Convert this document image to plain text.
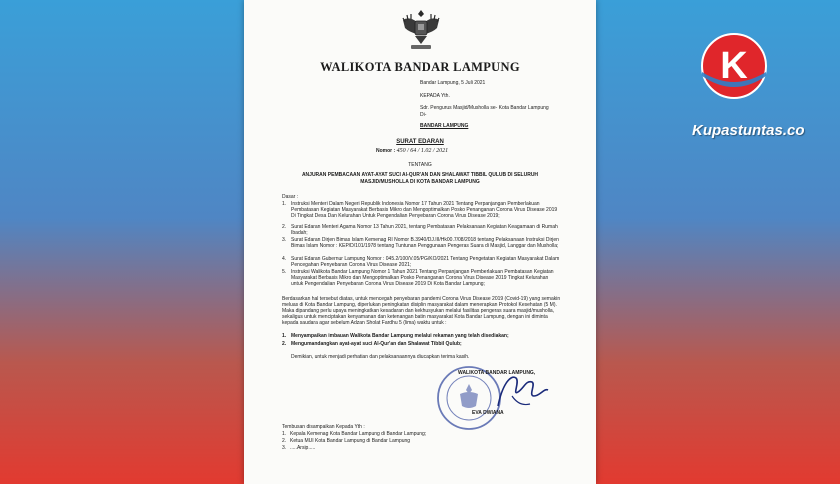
WALIKOTA BANDAR LAMPUNG
Bandar Lampung, 5 Juli 2021
KEPADA Yth.
Sdr. Pengurus Masjid/Musholla se- Kota Bandar Lampung
Di-
BANDAR LAMPUNG
SURAT EDARAN
Nomor : 450 / 64 / 1.02 / 2021
TENTANG
ANJURAN PEMBACAAN AYAT-AYAT SUCI Al-QUR'AN DAN SHALAWAT TIBBIL QULUB DI SELURUH
MASJID/MUSHOLLA DI KOTA BANDAR LAMPUNG
Dasar :
1. Instruksi Menteri Dalam Negeri Republik Indonesia Nomor 17 Tahun 2021 Tentang Perpanjangan Pemberlakuan Pembatasan Kegiatan Masyarakat Berbasis Mikro dan Mengoptimalkan Posko Penanganan Corona Virus Disease 2019 Di Tingkat Desa Dan Kelurahan Untuk Pengendalian Penyebaran Corona Virus Disease 2019;
2. Surat Edaran Menteri Agama Nomor 13 Tahun 2021, tentang Pembatasan Pelaksanaan Kegiatan Keagamaan di Rumah Ibadah;
3. Surat Edaran Dirjen Bimas Islam Kemenag RI Nomor B.3940/DJ.III/Hk00.7/08/2018 tentang Pelaksanaan Instruksi Dirjen Bimas Islam Nomor : KEP/D/101/1978 tentang Tuntunan Penggunaan Pengeras Suara di Masjid, Langgar dan Musholla;
4. Surat Edaran Gubernur Lampung Nomor : 045.2/100/V.05/PG/KO/2021 Tentang Pengetatan Kegiatan Masyarakat Dalam Pencegahan Penyebaran Corona Virus Disease 2021;
5. Instruksi Walikota Bandar Lampung Nomor 1 Tahun 2021 Tentang Perpanjangan Pemberlakuan Pembatasan Kegiatan Masyarakat Berbasis Mikro dan Mengoptimalkan Posko Penanganan Corona Virus Disease 2019 Tingkat Kelurahan untuk Pengendalian Penyebaran Corona Virus Disease 2019 Di Kota Bandar Lampung;
Berdasarkan hal tersebut diatas, untuk mencegah penyebaran pandemi Corona Virus Disease 2019 (Covid-19) yang semakin meluas di Kota Bandar Lampung, diperlukan peningkatan disiplin masyarakat dalam menerapkan Protokol Kesehatan (5 M). Maka dipandang perlu upaya meningkatkan kesadaran dan kekhusyukan melalui fasilitas pengeras suara masjid/musholla, sekaligus untuk menciptakan kenyamanan dan ketenangan batin masyarakat Kota Bandar Lampung, dengan ini diminta kepada saudara agar sebelum Adzan Sholat Fardhu 5 (lima) waktu untuk :
1. Menyampaikan imbauan Walikota Bandar Lampung melalui rekaman yang telah disediakan;
2. Mengumandangkan ayat-ayat suci Al-Qur'an dan Shalawat Tibbil Qulub;
Demikian, untuk menjadi perhatian dan pelaksanaannya diucapkan terima kasih.
WALIKOTA BANDAR LAMPUNG,
EVA DWIANA
Tembusan disampaikan Kepada Yth :
1. Kepala Kemenag Kota Bandar Lampung di Bandar Lampung;
2. Ketua MUI Kota Bandar Lampung di Bandar Lampung
3. .....Arsip.....
K
Kupastuntas.co
